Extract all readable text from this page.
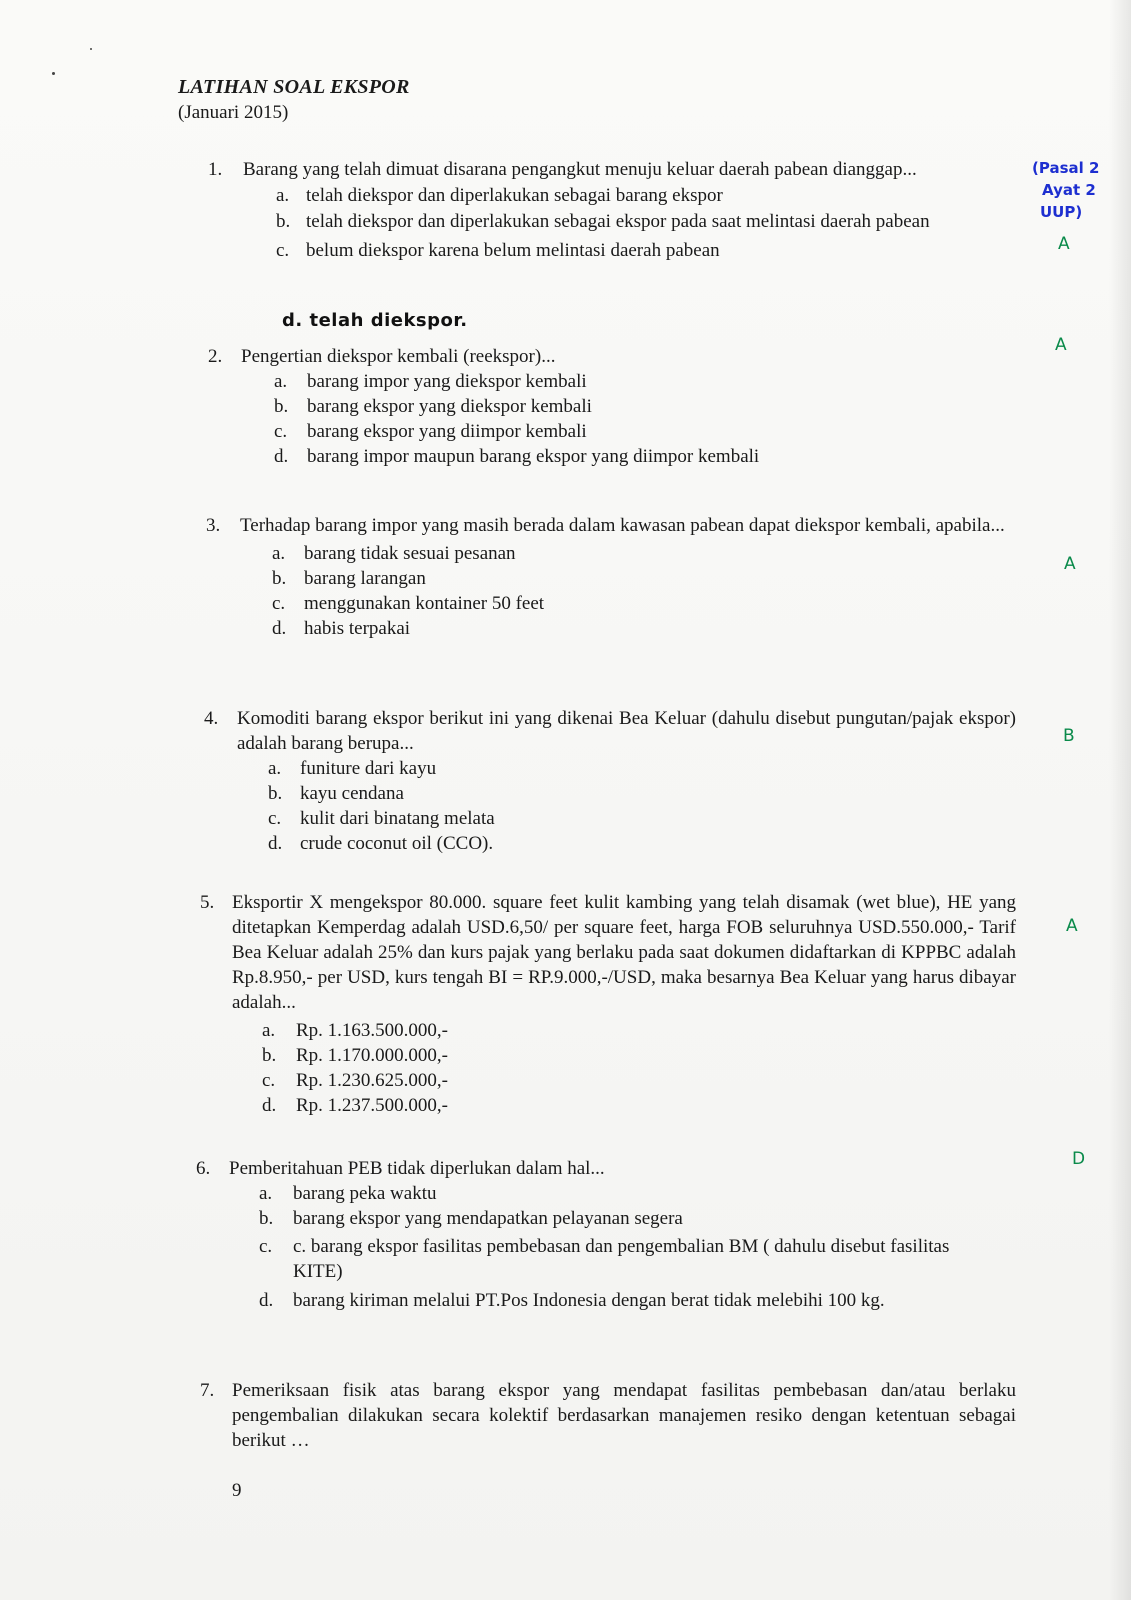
LATIHAN SOAL EKSPOR
(Januari 2015)
1. Barang yang telah dimuat disarana pengangkut menuju keluar daerah pabean dianggap...
a. telah diekspor dan diperlakukan sebagai barang ekspor
b. telah diekspor dan diperlakukan sebagai ekspor pada saat melintasi daerah pabean
c. belum diekspor karena belum melintasi daerah pabean
d. telah diekspor.
2. Pengertian diekspor kembali (reekspor)...
a. barang impor yang diekspor kembali
b. barang ekspor yang diekspor kembali
c. barang ekspor yang diimpor kembali
d. barang impor maupun barang ekspor yang diimpor kembali
3. Terhadap barang impor yang masih berada dalam kawasan pabean dapat diekspor kembali, apabila...
a. barang tidak sesuai pesanan
b. barang larangan
c. menggunakan kontainer 50 feet
d. habis terpakai
4. Komoditi barang ekspor berikut ini yang dikenai Bea Keluar (dahulu disebut pungutan/pajak ekspor) adalah barang berupa...
a. funiture dari kayu
b. kayu cendana
c. kulit dari binatang melata
d. crude coconut oil (CCO).
5. Eksportir X mengekspor 80.000. square feet kulit kambing yang telah disamak (wet blue), HE yang ditetapkan Kemperdag adalah USD.6,50/ per square feet, harga FOB seluruhnya USD.550.000,- Tarif Bea Keluar adalah 25% dan kurs pajak yang berlaku pada saat dokumen didaftarkan di KPPBC adalah Rp.8.950,- per USD, kurs tengah BI = RP.9.000,-/USD, maka besarnya Bea Keluar yang harus dibayar adalah...
a. Rp. 1.163.500.000,-
b. Rp. 1.170.000.000,-
c. Rp. 1.230.625.000,-
d. Rp. 1.237.500.000,-
6. Pemberitahuan PEB tidak diperlukan dalam hal...
a. barang peka waktu
b. barang ekspor yang mendapatkan pelayanan segera
c. c. barang ekspor fasilitas pembebasan dan pengembalian BM ( dahulu disebut fasilitas KITE)
d. barang kiriman melalui PT.Pos Indonesia dengan berat tidak melebihi 100 kg.
7. Pemeriksaan fisik atas barang ekspor yang mendapat fasilitas pembebasan dan/atau berlaku pengembalian dilakukan secara kolektif berdasarkan manajemen resiko dengan ketentuan sebagai berikut …
(Pasal 2
Ayat 2
UUP)
A
A
A
B
A
D
9
